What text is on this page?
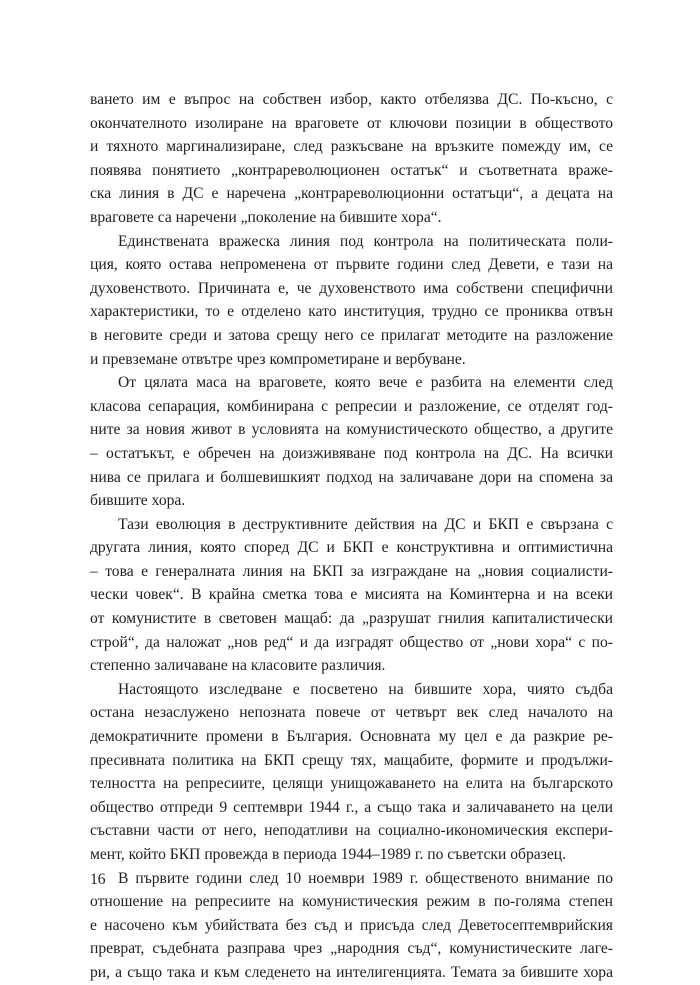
ването им е въпрос на собствен избор, както отбелязва ДС. По-късно, с
окончателното изолиране на враговете от ключови позиции в обществото
и тяхното маргинализиране, след разкъсване на връзките помежду им, се
появява понятието „контрареволюционен остатък“ и съответната враже-
ска линия в ДС е наречена „контрареволюционни остатъци“, а децата на
враговете са наречени „поколение на бившите хора“.
Единствената вражеска линия под контрола на политическата поли-
ция, която остава непроменена от първите години след Девети, е тази на
духовенството. Причината е, че духовенството има собствени специфични
характеристики, то е отделено като институция, трудно се прониква отвън
в неговите среди и затова срещу него се прилагат методите на разложение
и превземане отвътре чрез компрометиране и вербуване.
От цялата маса на враговете, която вече е разбита на елементи след
класова сепарация, комбинирана с репресии и разложение, се отделят год-
ните за новия живот в условията на комунистическото общество, а другите
– остатъкът, е обречен на доизживяване под контрола на ДС. На всички
нива се прилага и болшевишкият подход на заличаване дори на спомена за
бившите хора.
Тази еволюция в деструктивните действия на ДС и БКП е свързана с
другата линия, която според ДС и БКП е конструктивна и оптимистична
– това е генералната линия на БКП за изграждане на „новия социалисти-
чески човек“. В крайна сметка това е мисията на Коминтерна и на всеки
от комунистите в световен мащаб: да „разрушат гнилия капиталистически
строй“, да наложат „нов ред“ и да изградят общество от „нови хора“ с по-
степенно заличаване на класовите различия.
Настоящото изследване е посветено на бившите хора, чиято съдба
остана незаслужено непозната повече от четвърт век след началото на
демократичните промени в България. Основната му цел е да разкрие ре-
пресивната политика на БКП срещу тях, мащабите, формите и продължи-
телността на репресиите, целящи унищожаването на елита на българското
общество отпреди 9 септември 1944 г., а също така и заличаването на цели
съставни части от него, неподатливи на социално-икономическия експери-
мент, който БКП провежда в периода 1944–1989 г. по съветски образец.
В първите години след 10 ноември 1989 г. общественото внимание по
отношение на репресиите на комунистическия режим в по-голяма степен
е насочено към убийствата без съд и присъда след Деветосептемврийския
преврат, съдебната разправа чрез „народния съд“, комунистическите лаге-
ри, а също така и към следенето на интелигенцията. Темата за бившите хора
16
